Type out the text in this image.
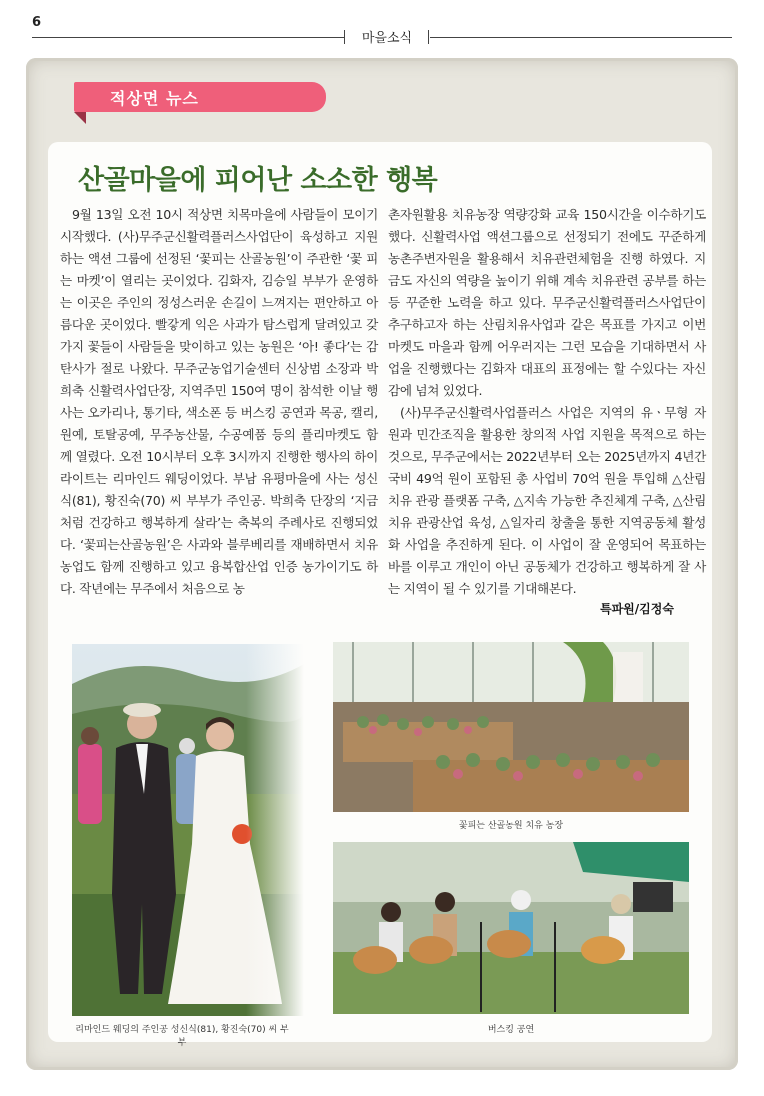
6
마을소식
적상면 뉴스
산골마을에 피어난 소소한 행복

9월 13일 오전 10시 적상면 치목마을에 사람들이 모이기 시작했다. (사)무주군신활력플러스사업단이 육성하고 지원하는 액션 그룹에 선정된 ‘꽃피는 산골농원’이 주관한 ‘꽃 피는 마켓’이 열리는 곳이었다. 김화자, 김승일 부부가 운영하는 이곳은 주인의 정성스러운 손길이 느껴지는 편안하고 아름다운 곳이었다. 빨갛게 익은 사과가 탐스럽게 달려있고 갖가지 꽃들이 사람들을 맞이하고 있는 농원은 ‘아! 좋다’는 감탄사가 절로 나왔다. 무주군농업기술센터 신상범 소장과 박희축 신활력사업단장, 지역주민 150여 명이 참석한 이날 행사는 오카리나, 통기타, 색소폰 등 버스킹 공연과 목공, 캘리, 원예, 토탈공예, 무주농산물, 수공예품 등의 플리마켓도 함께 열렸다. 오전 10시부터 오후 3시까지 진행한 행사의 하이라이트는 리마인드 웨딩이었다. 부남 유평마을에 사는 성신식(81), 황진숙(70) 씨 부부가 주인공. 박희축 단장의 ‘지금처럼 건강하고 행복하게 살라’는 축복의 주례사로 진행되었다. ‘꽃피는산골농원’은 사과와 블루베리를 재배하면서 치유농업도 함께 진행하고 있고 융복합산업 인증 농가이기도 하다. 작년에는 무주에서 처음으로 농

촌자원활용 치유농장 역량강화 교육 150시간을 이수하기도 했다. 신활력사업 액션그룹으로 선정되기 전에도 꾸준하게 농촌주변자원을 활용해서 치유관련체험을 진행 하였다. 지금도 자신의 역량을 높이기 위해 계속 치유관련 공부를 하는 등 꾸준한 노력을 하고 있다. 무주군신활력플러스사업단이 추구하고자 하는 산림치유사업과 같은 목표를 가지고 이번 마켓도 마을과 함께 어우러지는 그런 모습을 기대하면서 사업을 진행했다는 김화자 대표의 표정에는 할 수있다는 자신감에 넘쳐 있었다.

(사)무주군신활력사업플러스 사업은 지역의 유ㆍ무형 자원과 민간조직을 활용한 창의적 사업 지원을 목적으로 하는 것으로, 무주군에서는 2022년부터 오는 2025년까지 4년간 국비 49억 원이 포함된 총 사업비 70억 원을 투입해 △산림치유 관광 플랫폼 구축, △지속 가능한 추진체계 구축, △산림치유 관광산업 육성, △일자리 창출을 통한 지역공동체 활성화 사업을 추진하게 된다. 이 사업이 잘 운영되어 목표하는 바를 이루고 개인이 아닌 공동체가 건강하고 행복하게 잘 사는 지역이 될 수 있기를 기대해본다.

특파원/김정숙
리마인드 웨딩의 주인공 성신식(81), 황진숙(70) 씨 부부
꽃피는 산골농원 치유 농장
버스킹 공연
